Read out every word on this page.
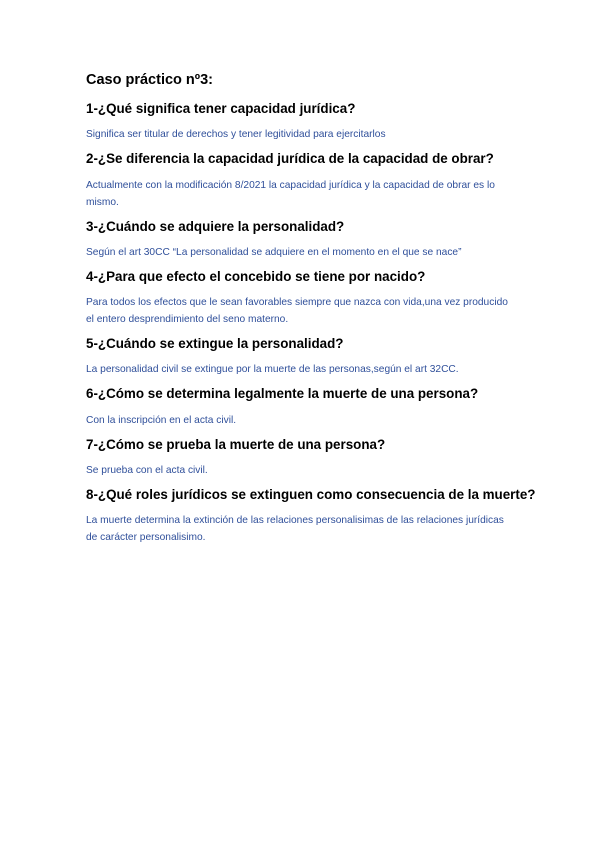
Caso práctico nº3:
1-¿Qué significa tener capacidad jurídica?
Significa ser titular de derechos y tener legitividad para ejercitarlos
2-¿Se diferencia la capacidad jurídica de la capacidad de obrar?
Actualmente con la modificación 8/2021 la capacidad jurídica y la capacidad de obrar es lo mismo.
3-¿Cuándo se adquiere la personalidad?
Según el art 30CC “La personalidad se adquiere en el momento en el que se nace”
4-¿Para que efecto el concebido se tiene por nacido?
Para todos los efectos que le sean favorables siempre que nazca con vida,una vez producido el entero desprendimiento del seno materno.
5-¿Cuándo se extingue la personalidad?
La personalidad civil se extingue por la muerte de las personas,según el art 32CC.
6-¿Cómo se determina legalmente la muerte de una persona?
Con la inscripción en el acta civil.
7-¿Cómo se prueba la muerte de una persona?
Se prueba con el acta civil.
8-¿Qué roles jurídicos se extinguen como consecuencia de la muerte?
La muerte determina la extinción de las relaciones personalisimas de las relaciones jurídicas de carácter personalisimo.
